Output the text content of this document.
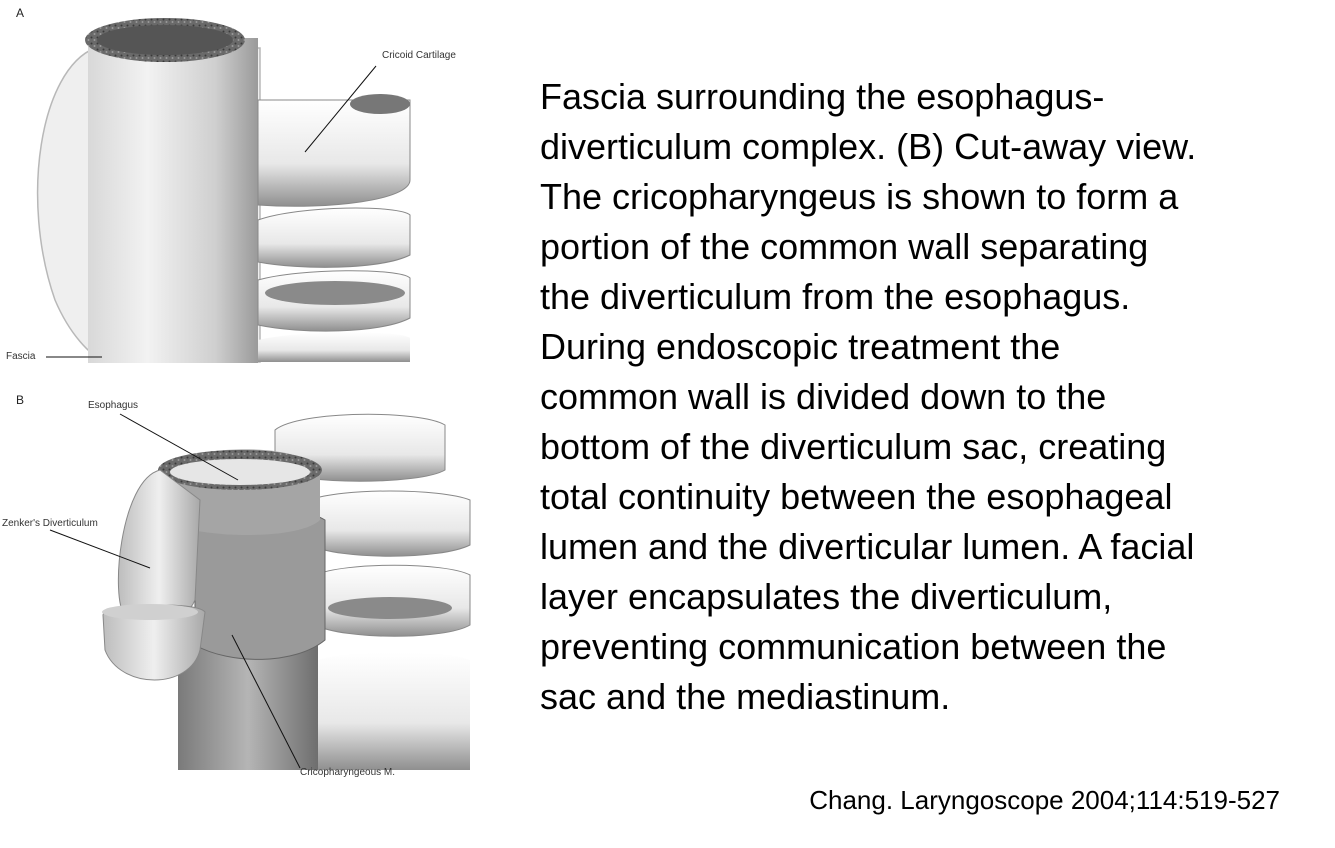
A
Cricoid Cartilage
Fascia
B	Esophagus
Zenker's Diverticulum
Cricopharyngeous M.
Fascia surrounding the esophagus-
diverticulum complex. (B) Cut-away view.
The cricopharyngeus is shown to form a
portion of the common wall separating
the diverticulum from the esophagus.
During endoscopic treatment the
common wall is divided down to the
bottom of the diverticulum sac, creating
total continuity between the esophageal
lumen and the diverticular lumen. A facial
layer encapsulates the diverticulum,
preventing communication between the
sac and the mediastinum.
Chang. Laryngoscope 2004;114:519-527
